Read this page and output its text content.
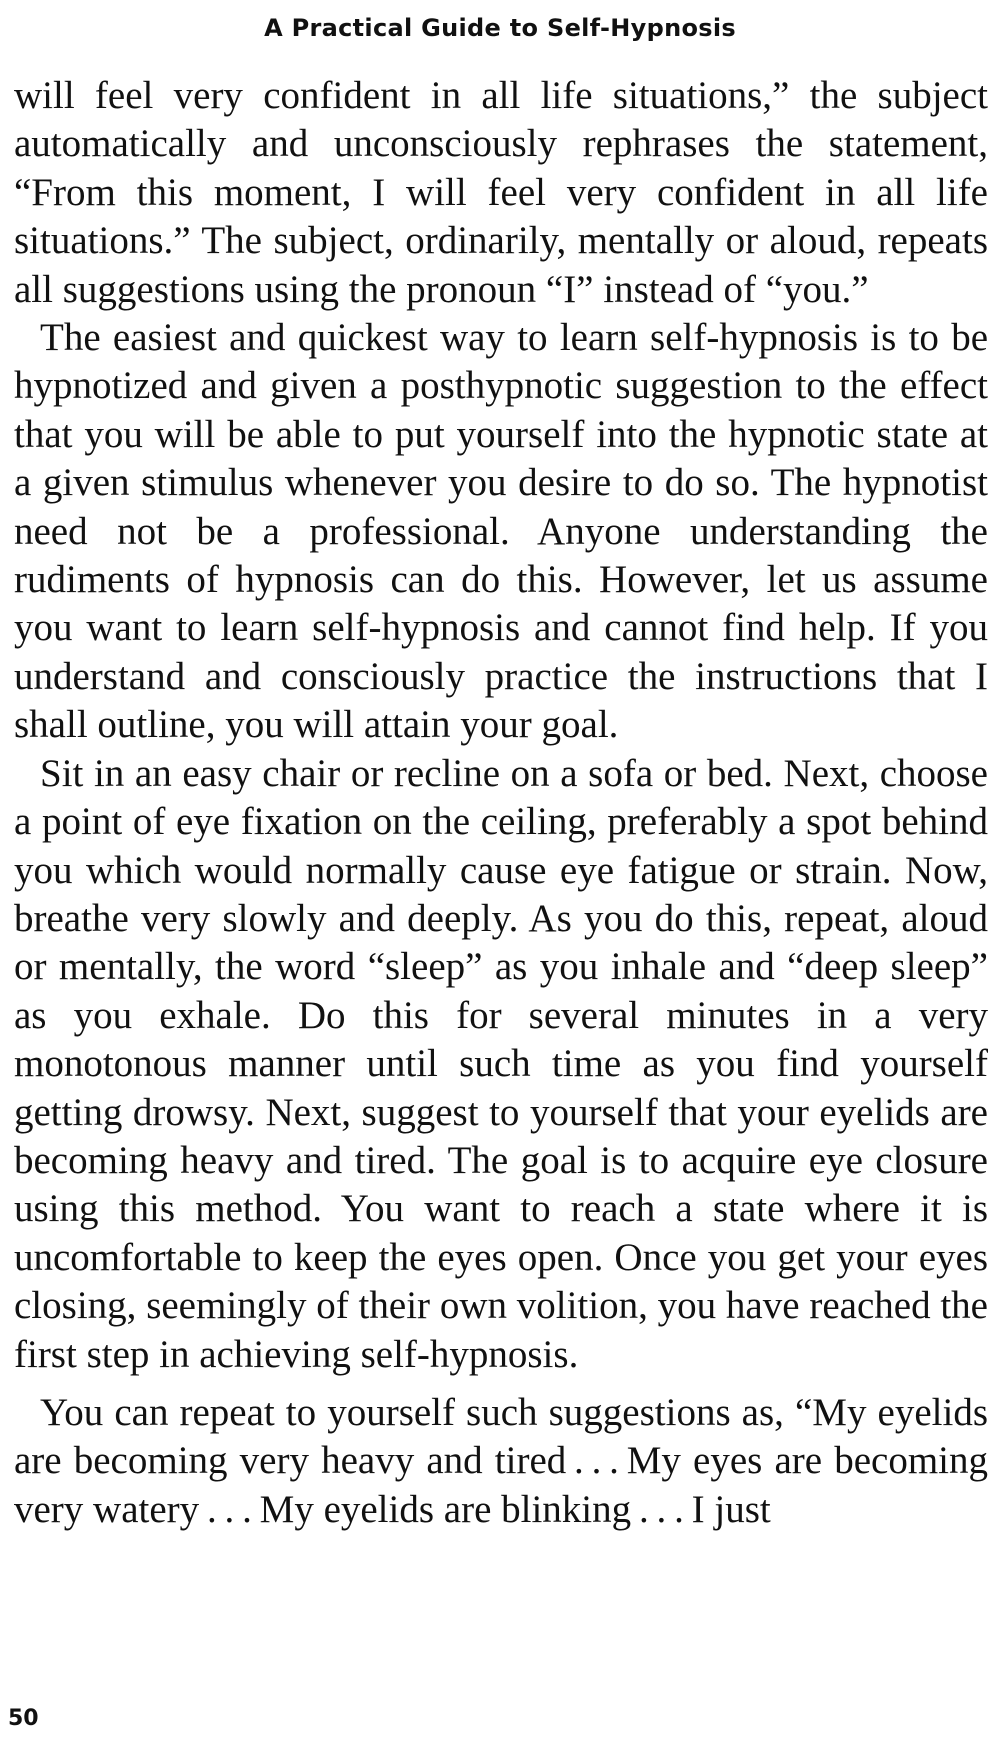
A Practical Guide to Self-Hypnosis

will feel very confident in all life situations,” the subject automatically and unconsciously rephrases the statement, “From this moment, I will feel very confident in all life situations.” The subject, ordinarily, mentally or aloud, repeats all suggestions using the pronoun “I” instead of “you.”

The easiest and quickest way to learn self-hypnosis is to be hypnotized and given a posthypnotic suggestion to the effect that you will be able to put yourself into the hypnotic state at a given stimulus whenever you desire to do so. The hypnotist need not be a professional. Anyone understanding the rudiments of hypnosis can do this. However, let us assume you want to learn self-hypnosis and cannot find help. If you understand and consciously practice the instructions that I shall outline, you will attain your goal.

Sit in an easy chair or recline on a sofa or bed. Next, choose a point of eye fixation on the ceiling, preferably a spot behind you which would normally cause eye fatigue or strain. Now, breathe very slowly and deeply. As you do this, repeat, aloud or mentally, the word “sleep” as you inhale and “deep sleep” as you exhale. Do this for several minutes in a very monotonous manner until such time as you find yourself getting drowsy. Next, suggest to yourself that your eyelids are becoming heavy and tired. The goal is to acquire eye closure using this method. You want to reach a state where it is uncomfortable to keep the eyes open. Once you get your eyes closing, seemingly of their own volition, you have reached the first step in achieving self-hypnosis.

You can repeat to yourself such suggestions as, “My eyelids are becoming very heavy and tired . . . My eyes are becoming very watery . . . My eyelids are blinking . . . I just

50
